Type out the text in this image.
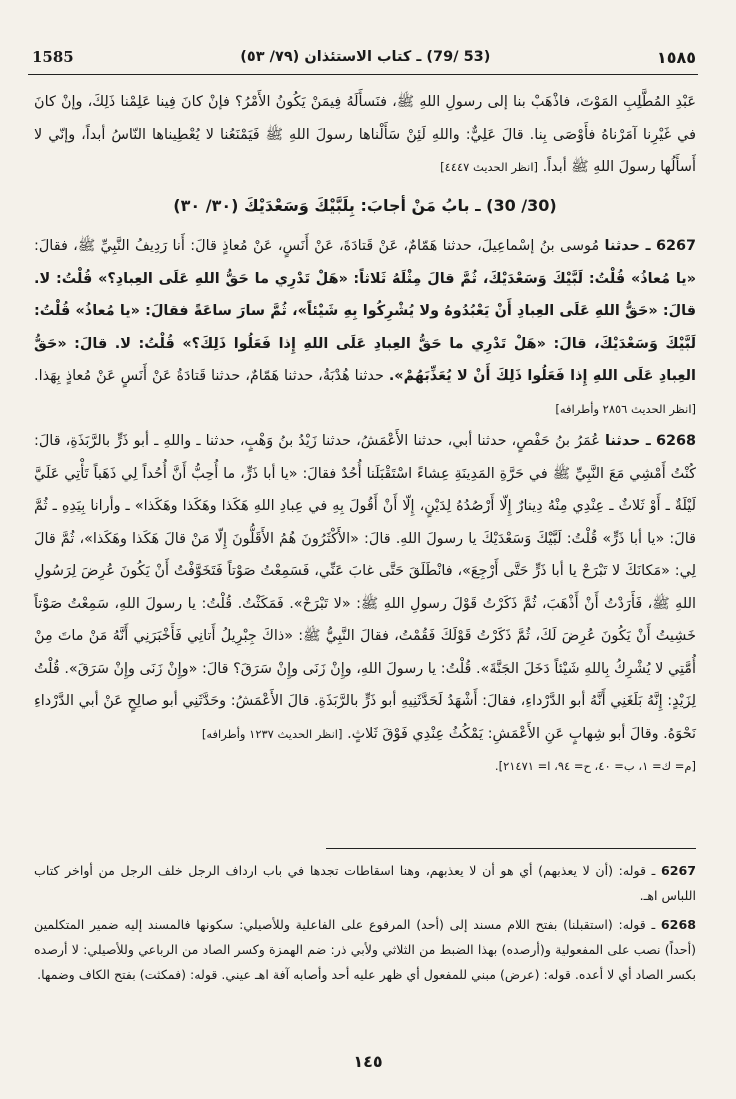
1585	(53 /79) ـ كتاب الاستئذان (٧٩/ ٥٣)	١٥٨٥

عَبْدِ المُطَّلِبِ المَوْتَ، فاذْهَبْ بنا إلى رسولِ اللهِ ﷺ، فنَسأَلَهُ فِيمَنْ يَكُونُ الأَمْرُ؟ فإنْ كانَ فِينا عَلِمْنا ذَلِكَ، وإنْ كانَ في غَيْرِنا آمَرْناهُ فأَوْصَى بِنا. قالَ عَلِيٌّ: واللهِ لَئِنْ سَأَلْناها رسولَ اللهِ ﷺ فَيَمْنَعُنا لا يُعْطِيناها النّاسُ أبداً، وإنّي لا أَسأَلُها رسولَ اللهِ ﷺ أبداً. [انظر الحديث ٤٤٤٧]

(30/ 30) ـ بابُ مَنْ أجابَ: بِلَبَّيْكَ وَسَعْدَيْكَ (٣٠/ ٣٠)

6267 ـ حدثنا مُوسى بنُ إسْماعِيلَ، حدثنا هَمّامٌ، عَنْ قَتادَةَ، عَنْ أَنَسٍ، عَنْ مُعاذٍ قالَ: أَنا رَدِيفُ النَّبِيِّ ﷺ، فقالَ: «يا مُعاذُ» قُلْتُ: لَبَّيْكَ وَسَعْدَيْكَ، ثُمَّ قالَ مِثْلَهُ ثَلاثاً: «هَلْ تَدْرِي ما حَقُّ اللهِ عَلَى العِبادِ؟» قُلْتُ: لا. قالَ: «حَقُّ اللهِ عَلَى العِبادِ أَنْ يَعْبُدُوهُ ولا يُشْرِكُوا بِهِ شَيْئاً»، ثُمَّ سارَ ساعَةً فقالَ: «يا مُعاذُ» قُلْتُ: لَبَّيْكَ وَسَعْدَيْكَ، قالَ: «هَلْ تَدْرِي ما حَقُّ العِبادِ عَلَى اللهِ إِذا فَعَلُوا ذَلِكَ؟» قُلْتُ: لا. قالَ: «حَقُّ العِبادِ عَلَى اللهِ إِذا فَعَلُوا ذَلِكَ أَنْ لا يُعَذِّبَهُمْ». حدثنا هُدْبَةُ، حدثنا هَمّامٌ، حدثنا قَتادَةُ عَنْ أَنَسٍ عَنْ مُعاذٍ بِهَذا. [انظر الحديث ٢٨٥٦ وأطرافه]

6268 ـ حدثنا عُمَرُ بنُ حَفْصٍ، حدثنا أبي، حدثنا الأَعْمَشُ، حدثنا زَيْدُ بنُ وَهْبٍ، حدثنا ـ واللهِ ـ أبو ذَرٍّ بالرَّبَذَةِ، قالَ: كُنْتُ أَمْشِي مَعَ النَّبِيِّ ﷺ في حَرَّةِ المَدِينَةِ عِشاءً اسْتَقْبَلَنا أُحُدٌ فقالَ: «يا أبا ذَرٍّ، ما أُحِبُّ أَنَّ أُحُداً لِي ذَهَباً تَأْتِي عَلَيَّ لَيْلَةٌ ـ أَوْ ثَلاثٌ ـ عِنْدِي مِنْهُ دِينارٌ إِلّا أَرْصُدُهُ لِدَيْنٍ، إِلّا أَنْ أَقُولَ بِهِ في عِبادِ اللهِ هَكَذا وهَكَذا وهَكَذا» ـ وأرانا بِيَدِهِ ـ ثُمَّ قالَ: «يا أبا ذَرٍّ» قُلْتُ: لَبَّيْكَ وَسَعْدَيْكَ يا رسولَ اللهِ. قالَ: «الأَكْثَرُونَ هُمُ الأَقَلُّونَ إِلّا مَنْ قالَ هَكَذا وهَكَذا»، ثُمَّ قالَ لِي: «مَكانَكَ لا تَبْرَحْ يا أبا ذَرٍّ حَتَّى أَرْجِعَ»، فانْطَلَقَ حَتَّى غابَ عَنِّي، فَسَمِعْتُ صَوْتاً فَتَخَوَّفْتُ أَنْ يَكُونَ عُرِضَ لِرَسُولِ اللهِ ﷺ، فَأَرَدْتُ أَنْ أَذْهَبَ، ثُمَّ ذَكَرْتُ قَوْلَ رسولِ اللهِ ﷺ: «لا تَبْرَحْ». فَمَكَثْتُ. قُلْتُ: يا رسولَ اللهِ، سَمِعْتُ صَوْتاً خَشِيتُ أَنْ يَكُونَ عُرِضَ لَكَ، ثُمَّ ذَكَرْتُ قَوْلَكَ فَقُمْتُ، فقالَ النَّبِيُّ ﷺ: «ذاكَ جِبْرِيلُ أَتانِي فَأَخْبَرَنِي أَنَّهُ مَنْ ماتَ مِنْ أُمَّتِي لا يُشْرِكُ بِاللهِ شَيْئاً دَخَلَ الجَنَّةَ». قُلْتُ: يا رسولَ اللهِ، وإِنْ زَنَى وإِنْ سَرَقَ؟ قالَ: «وإِنْ زَنَى وإِنْ سَرَقَ». قُلْتُ لِزَيْدٍ: إِنَّهُ بَلَغَنِي أَنَّهُ أبو الدَّرْداءِ، فقالَ: أَشْهَدُ لَحَدَّثَنِيهِ أبو ذَرٍّ بالرَّبَذَةِ. قالَ الأَعْمَشُ: وحَدَّثَنِي أبو صالِحٍ عَنْ أبي الدَّرْداءِ نَحْوَهُ. وقالَ أبو شِهابٍ عَنِ الأَعْمَشِ: يَمْكُثُ عِنْدِي فَوْقَ ثَلاثٍ. [انظر الحديث ١٢٣٧ وأطرافه]
[م= ك= ١، ب= ٤٠، ح= ٩٤، ا= ٢١٤٧١].

6267 ـ قوله: (أن لا يعذبهم) أي هو أن لا يعذبهم، وهنا اسقاطات تجدها في باب ارداف الرجل خلف الرجل من أواخر كتاب اللباس اهـ.

6268 ـ قوله: (استقبلنا) بفتح اللام مسند إلى (أحد) المرفوع على الفاعلية وللأصيلي: سكونها فالمسند إليه ضمير المتكلمين (أحداً) نصب على المفعولية و(أرصده) بهذا الضبط من الثلاثي ولأبي ذر: ضم الهمزة وكسر الصاد من الرباعي وللأصيلي: لا أرصده بكسر الصاد أي لا أعده. قوله: (عرض) مبني للمفعول أي ظهر عليه أحد وأصابه آفة اهـ عيني. قوله: (فمكثت) بفتح الكاف وضمها.

١٤٥
